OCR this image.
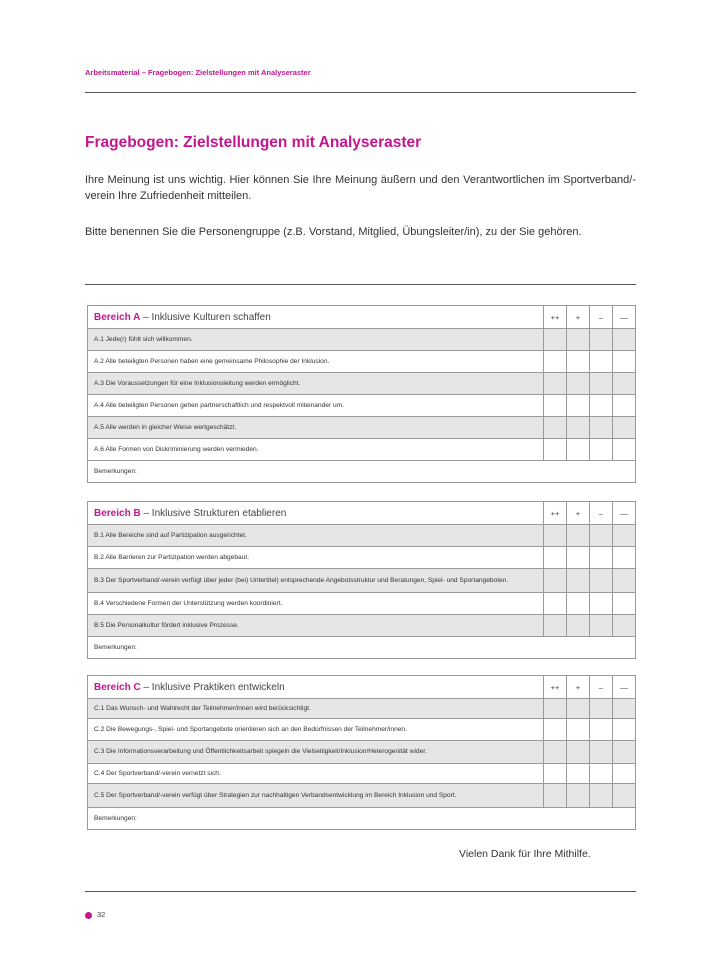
Arbeitsmaterial – Fragebogen: Zielstellungen mit Analyseraster
Fragebogen: Zielstellungen mit Analyseraster
Ihre Meinung ist uns wichtig. Hier können Sie Ihre Meinung äußern und den Verantwortlichen im Sportverband/-verein Ihre Zufriedenheit mitteilen.
Bitte benennen Sie die Personengruppe (z.B. Vorstand, Mitglied, Übungsleiter/in), zu der Sie gehören.
Bereich A – Inklusive Kulturen schaffen	++	+	–	––
A.1 Jede(r) fühlt sich willkommen.				
A.2 Alle beteiligten Personen haben eine gemeinsame Philosophie der Inklusion.				
A.3 Die Voraussetzungen für eine Inklusionsleitung werden ermöglicht.				
A.4 Alle beteiligten Personen gehen partnerschaftlich und respektvoll miteinander um.				
A.5 Alle werden in gleicher Weise wertgeschätzt.				
A.6 Alle Formen von Diskriminierung werden vermieden.				
Bemerkungen:				
Bereich B – Inklusive Strukturen etablieren	++	+	–	––
B.1 Alle Bereiche sind auf Partizipation ausgerichtet.				
B.2 Alle Barrieren zur Partizipation werden abgebaut.				
B.3 Der Sportverband/-verein verfügt über jeder (bei) Untertitel) entsprechende Angebotsstruktur und Beratungen, Spiel- und Sportangeboten.				
B.4 Verschiedene Formen der Unterstützung werden koordiniert.				
B.5 Die Personalkultur fördert inklusive Prozesse.				
Bemerkungen:				
Bereich C – Inklusive Praktiken entwickeln	++	+	–	––
C.1 Das Wunsch- und Wahlrecht der Teilnehmer/innen wird berücksichtigt.				
C.2 Die Bewegungs-, Spiel- und Sportangebote orientieren sich an den Bedürfnissen der Teilnehmer/innen.				
C.3 Die Informationsverarbeitung und Öffentlichkeitsarbeit spiegeln die Vielseitigkeit/Inklusion/Heterogenität wider.				
C.4 Der Sportverband/-verein vernetzt sich.				
C.5 Der Sportverband/-verein verfügt über Strategien zur nachhaltigen Verbandsentwicklung im Bereich Inklusion und Sport.				
Bemerkungen:				
Vielen Dank für Ihre Mithilfe.
32
